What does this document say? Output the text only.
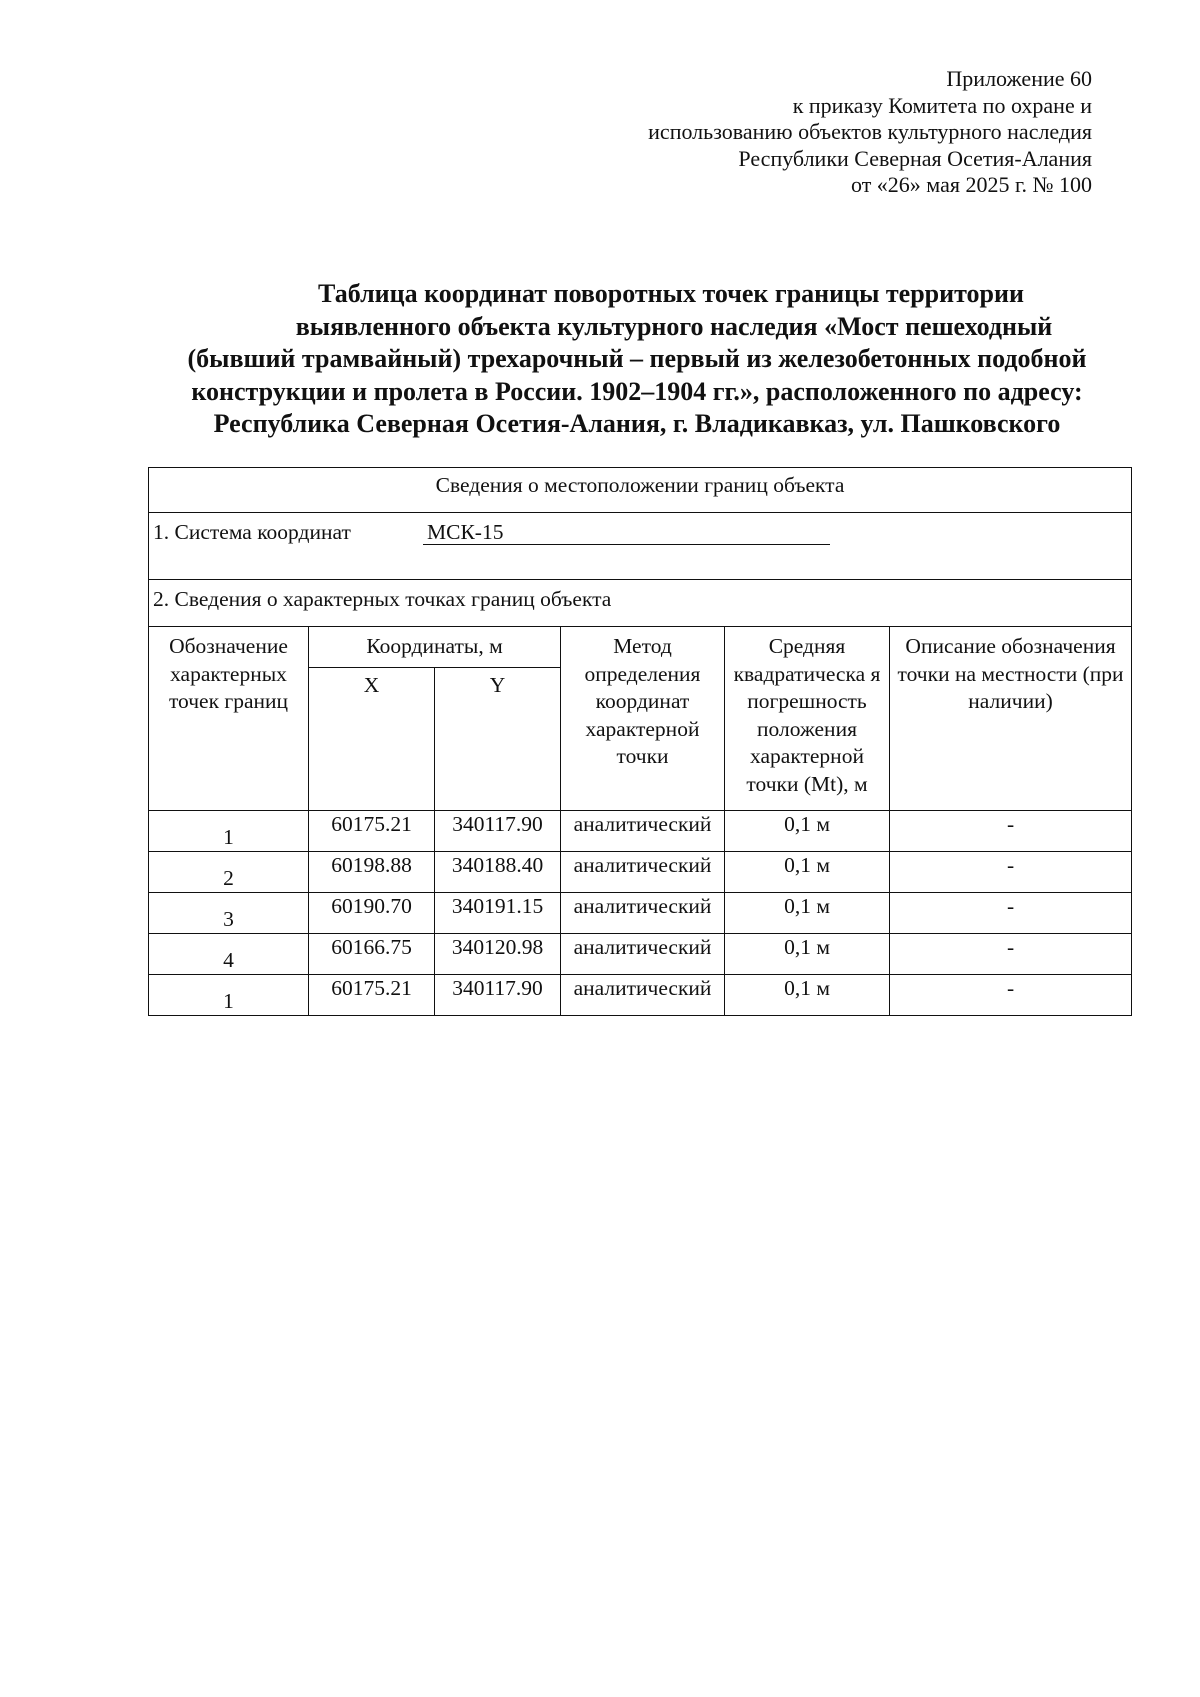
Приложение 60
к приказу Комитета по охране и
использованию объектов культурного наследия
Республики Северная Осетия-Алания
от «26» мая 2025 г. № 100
Таблица координат поворотных точек границы территории
выявленного объекта культурного наследия «Мост пешеходный
(бывший трамвайный) трехарочный – первый из железобетонных подобной
конструкции и пролета в России. 1902–1904 гг.», расположенного по адресу:
Республика Северная Осетия-Алания, г. Владикавказ, ул. Пашковского
Сведения о местоположении границ объекта					
1. Система координат МСК-15					
2. Сведения о характерных точках границ объекта					
Обозначение характерных точек границ	Координаты, м		Метод определения координат характерной точки	Средняя квадратическа я погрешность положения характерной точки (Mt), м	Описание обозначения точки на местности (при наличии)
	X	Y			
1	60175.21	340117.90	аналитический	0,1 м	-
2	60198.88	340188.40	аналитический	0,1 м	-
3	60190.70	340191.15	аналитический	0,1 м	-
4	60166.75	340120.98	аналитический	0,1 м	-
1	60175.21	340117.90	аналитический	0,1 м	-
